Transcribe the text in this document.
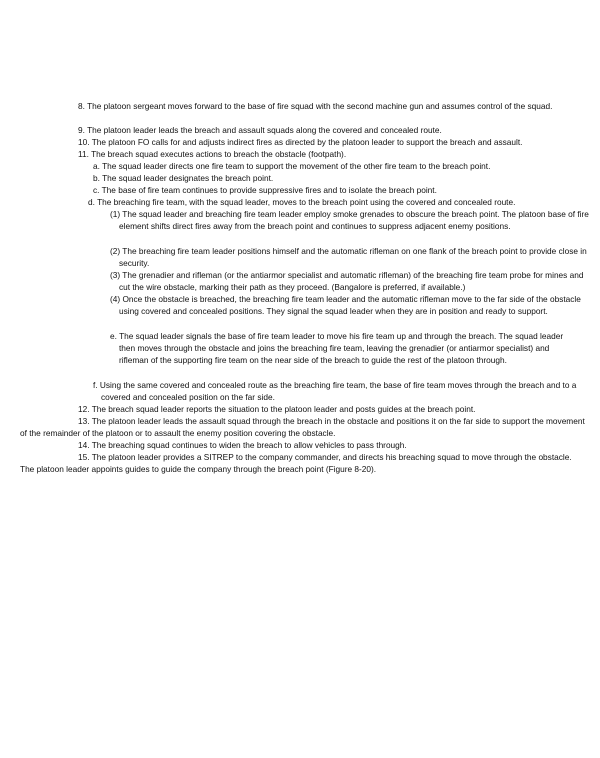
8. The platoon sergeant moves forward to the base of fire squad with the second machine gun and assumes control of the squad.

9. The platoon leader leads the breach and assault squads along the covered and concealed route.

10. The platoon FO calls for and adjusts indirect fires as directed by the platoon leader to support the breach and assault.

11. The breach squad executes actions to breach the obstacle (footpath).

a. The squad leader directs one fire team to support the movement of the other fire team to the breach point.

b. The squad leader designates the breach point.

c. The base of fire team continues to provide suppressive fires and to isolate the breach point.

d. The breaching fire team, with the squad leader, moves to the breach point using the covered and concealed route.

(1) The squad leader and breaching fire team leader employ smoke grenades to obscure the breach point. The platoon base of fire element shifts direct fires away from the breach point and continues to suppress adjacent enemy positions.

(2) The breaching fire team leader positions himself and the automatic rifleman on one flank of the breach point to provide close in security.

(3) The grenadier and rifleman (or the antiarmor specialist and automatic rifleman) of the breaching fire team probe for mines and cut the wire obstacle, marking their path as they proceed. (Bangalore is preferred, if available.)

(4) Once the obstacle is breached, the breaching fire team leader and the automatic rifleman move to the far side of the obstacle using covered and concealed positions. They signal the squad leader when they are in position and ready to support.

e. The squad leader signals the base of fire team leader to move his fire team up and through the breach. The squad leader then moves through the obstacle and joins the breaching fire team, leaving the grenadier (or antiarmor specialist) and rifleman of the supporting fire team on the near side of the breach to guide the rest of the platoon through.

f. Using the same covered and concealed route as the breaching fire team, the base of fire team moves through the breach and to a covered and concealed position on the far side.

12. The breach squad leader reports the situation to the platoon leader and posts guides at the breach point.

13. The platoon leader leads the assault squad through the breach in the obstacle and positions it on the far side to support the movement of the remainder of the platoon or to assault the enemy position covering the obstacle.

14. The breaching squad continues to widen the breach to allow vehicles to pass through.

15. The platoon leader provides a SITREP to the company commander, and directs his breaching squad to move through the obstacle. The platoon leader appoints guides to guide the company through the breach point (Figure 8-20).
